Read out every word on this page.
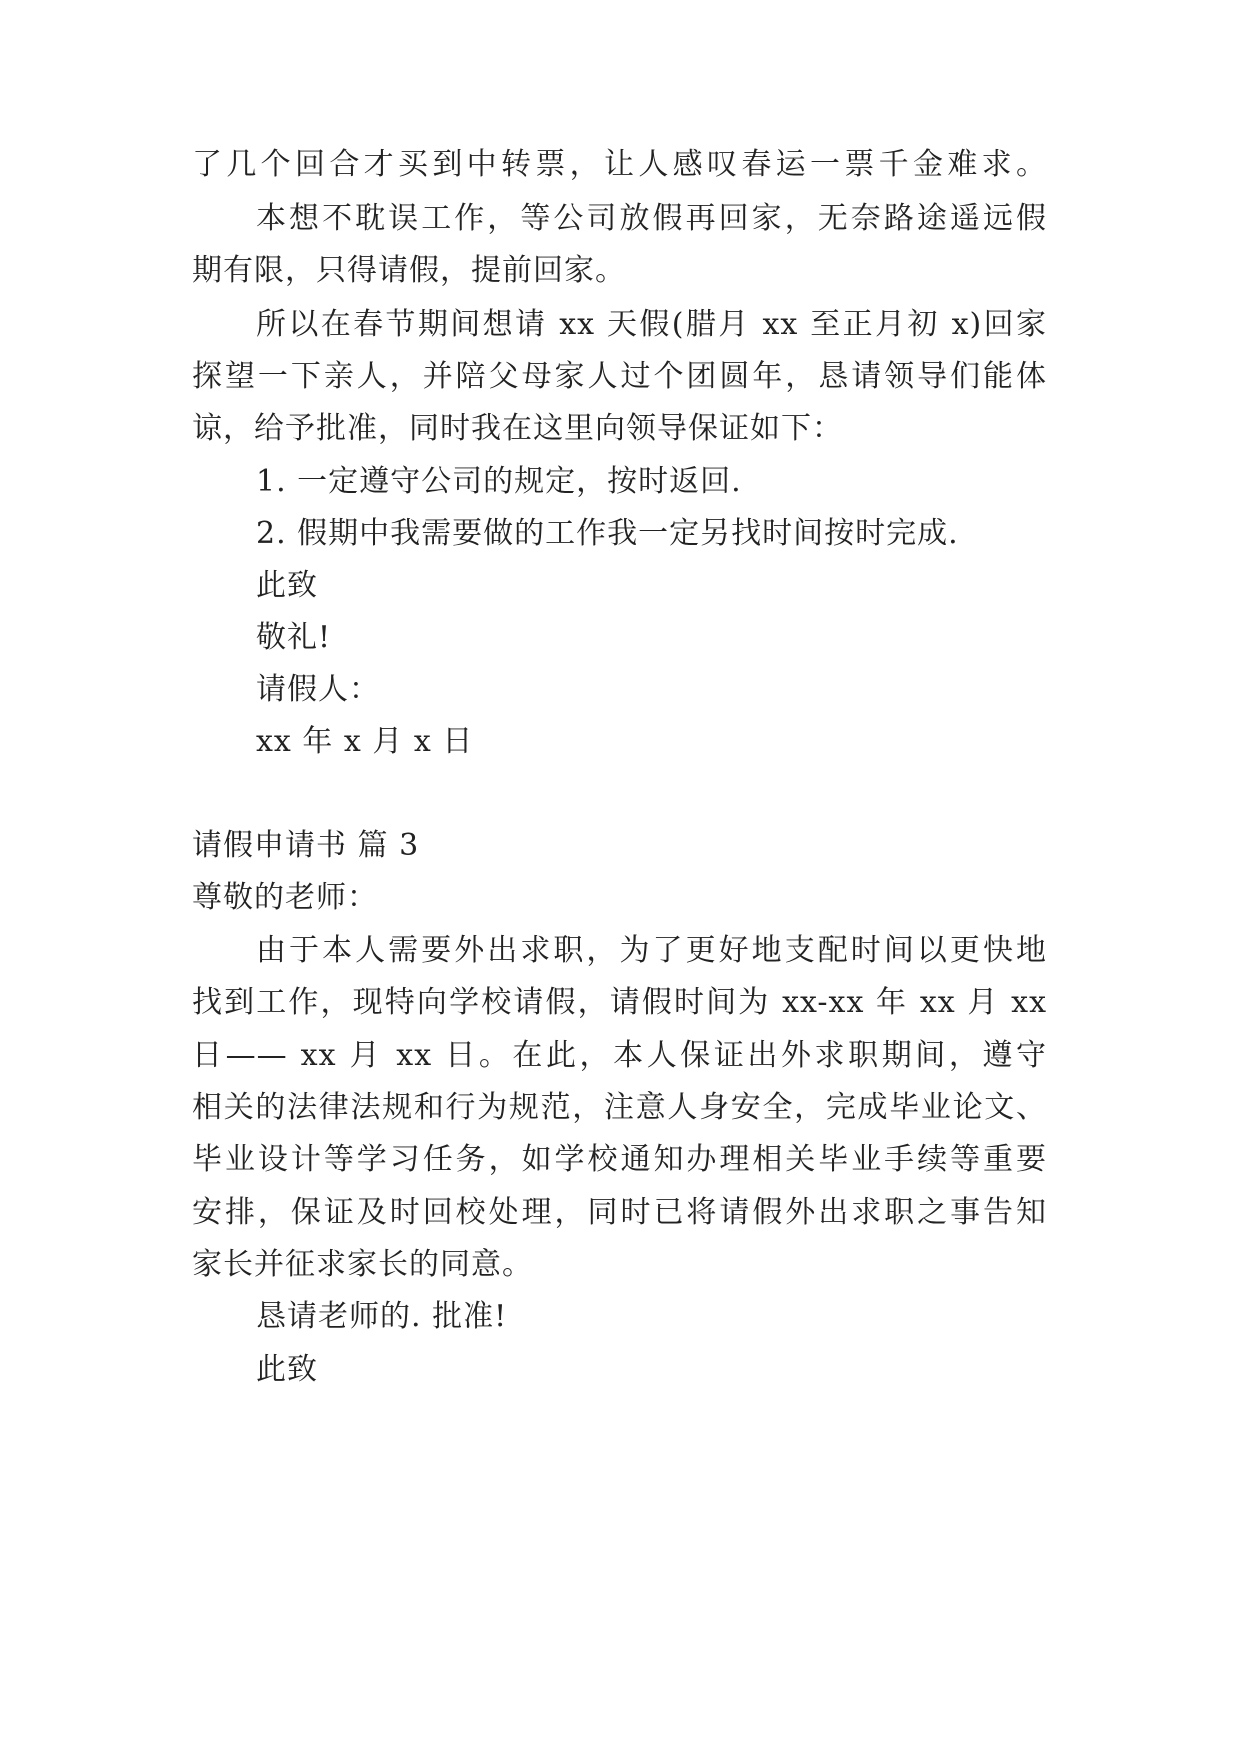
了几个回合才买到中转票，让人感叹春运一票千金难求。
本想不耽误工作，等公司放假再回家，无奈路途遥远假
期有限，只得请假，提前回家。
所以在春节期间想请 xx 天假(腊月 xx 至正月初 x)回家
探望一下亲人，并陪父母家人过个团圆年，恳请领导们能体
谅，给予批准，同时我在这里向领导保证如下：
1. 一定遵守公司的规定，按时返回.
2. 假期中我需要做的工作我一定另找时间按时完成.
此致
敬礼!
请假人：
xx 年 x 月 x 日
请假申请书 篇 3
尊敬的老师：
由于本人需要外出求职，为了更好地支配时间以更快地
找到工作，现特向学校请假，请假时间为 xx-xx 年 xx 月 xx
日—— xx 月 xx 日。在此，本人保证出外求职期间，遵守
相关的法律法规和行为规范，注意人身安全，完成毕业论文、
毕业设计等学习任务，如学校通知办理相关毕业手续等重要
安排，保证及时回校处理，同时已将请假外出求职之事告知
家长并征求家长的同意。
恳请老师的. 批准!
此致
